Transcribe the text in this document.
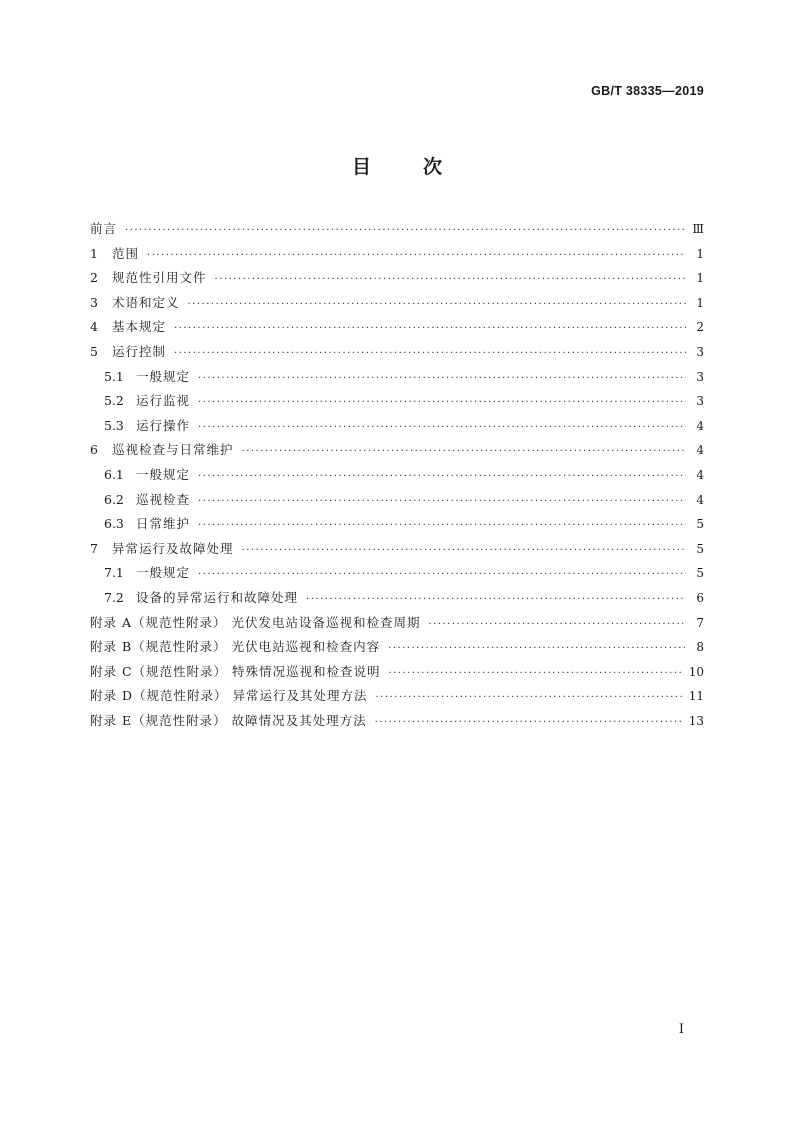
GB/T 38335—2019
目	次
前言 ·····	Ⅲ
1	范围 ·····	1
2	规范性引用文件 ·····	1
3	术语和定义 ·····	1
4	基本规定 ·····	2
5	运行控制 ·····	3
5.1 一般规定 ·····	3
5.2 运行监视 ·····	3
5.3 运行操作 ·····	4
6	巡视检查与日常维护 ·····	4
6.1 一般规定 ·····	4
6.2 巡视检查 ·····	4
6.3 日常维护 ·····	5
7	异常运行及故障处理 ·····	5
7.1 一般规定 ·····	5
7.2 设备的异常运行和故障处理 ·····	6
附录 A（规范性附录） 光伏发电站设备巡视和检查周期 ·····	7
附录 B（规范性附录） 光伏电站巡视和检查内容 ·····	8
附录 C（规范性附录） 特殊情况巡视和检查说明 ·····	10
附录 D（规范性附录） 异常运行及其处理方法 ·····	11
附录 E（规范性附录） 故障情况及其处理方法 ·····	13
I
